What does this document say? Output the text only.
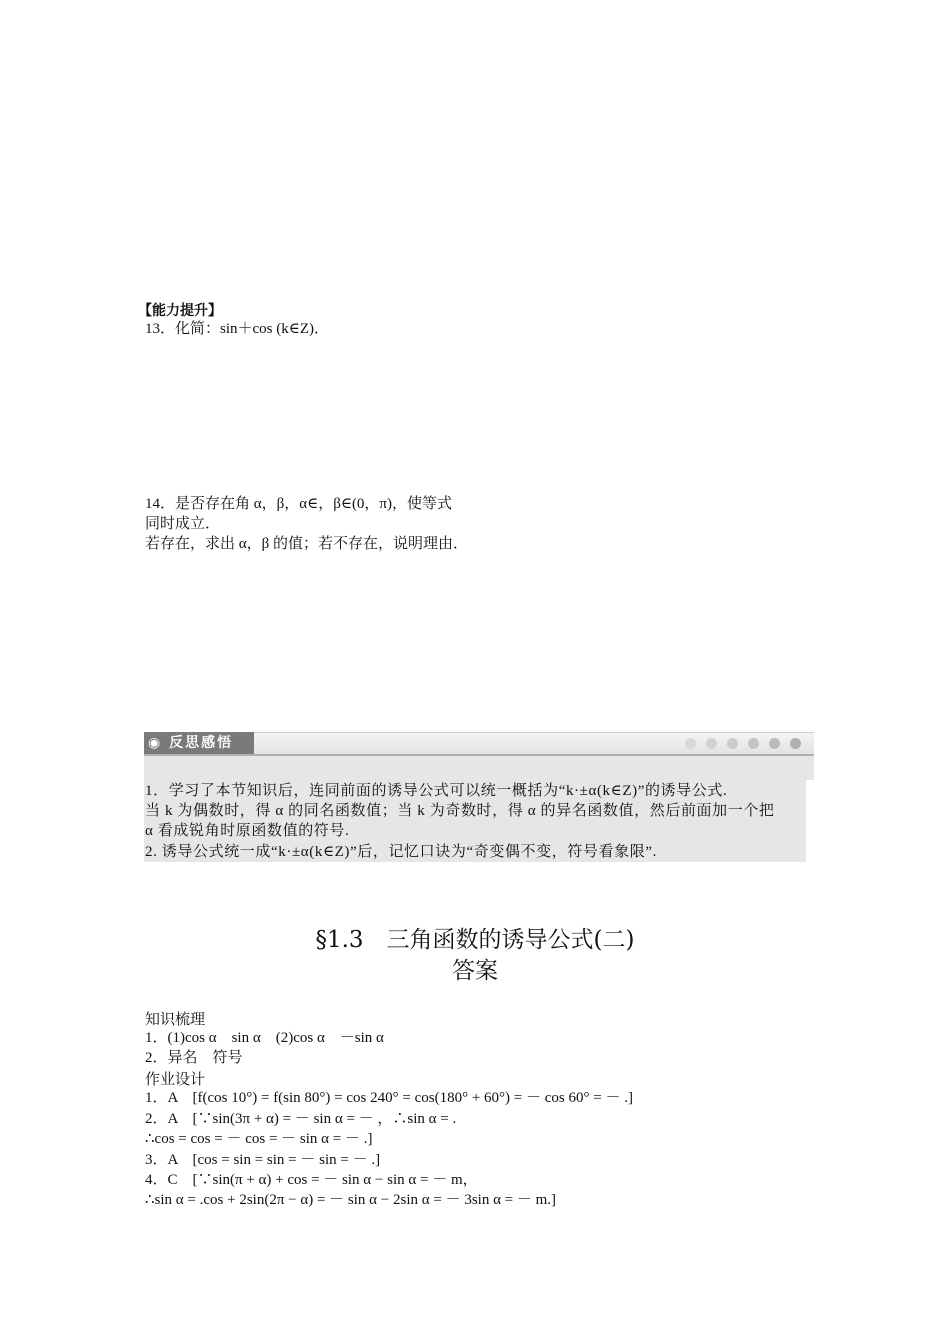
【能力提升】
13．化简：sin＋cos (k∈Z)．
14．是否存在角 α，β，α∈，β∈(0，π)，使等式
同时成立．
若存在，求出 α，β 的值；若不存在，说明理由．
◉ 反思感悟
1．学习了本节知识后，连同前面的诱导公式可以统一概括为“k·±α(k∈Z)”的诱导公式.
当 k 为偶数时，得 α 的同名函数值；当 k 为奇数时，得 α 的异名函数值，然后前面加一个把
α 看成锐角时原函数值的符号.
2. 诱导公式统一成“k·±α(k∈Z)”后，记忆口诀为“奇变偶不变，符号看象限”.
§1.3　三角函数的诱导公式(二)
答案
知识梳理
1．(1)cos α　sin α　(2)cos α　－sin α
2．异名　符号
作业设计
1．A　[f(cos 10°) = f(sin 80°) = cos 240° = cos(180° + 60°) = － cos 60° = － .]
2．A　[∵sin(3π + α) = － sin α = － ，∴sin α = .
∴cos = cos = － cos = － sin α = － .]
3．A　[cos = sin = sin = － sin = － .]
4．C　[∵sin(π + α) + cos = － sin α − sin α = － m，
∴sin α = .cos + 2sin(2π − α) = － sin α − 2sin α = － 3sin α = － m.]
